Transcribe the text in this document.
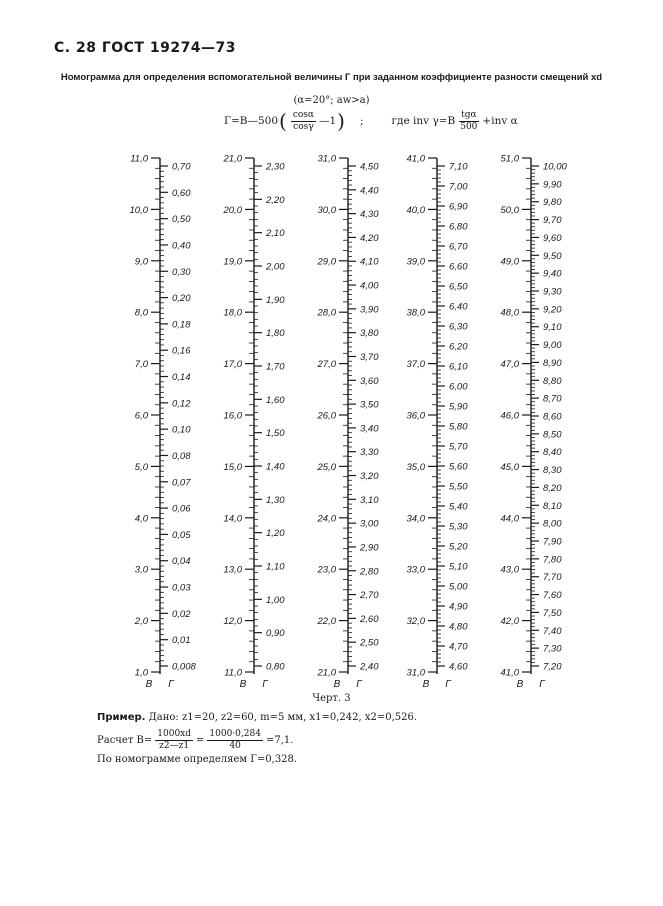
С. 28 ГОСТ 19274—73
Номограмма для определения вспомогательной величины Г при заданном коэффициенте разности смещений xd
(α=20°; aw>a)
Г=B—500 ( $\frac{\cos\alpha}{\cos\gamma}$ —1 ) ;	где inv $\gamma=B \frac{\text{tgα}}{500} +inv$ α
11,0
10,0
9,0
8,0
7,0
6,0
5,0
4,0
3,0
2,0
1,0
0,70
0,60
0,50
0,40
0,30
0,20
0,18
0,16
0,14
0,12
0,10
0,08
0,07
0,06
0,05
0,04
0,03
0,02
0,01
0,008
B Г
21,0
20,0
19,0
18,0
17,0
16,0
15,0
14,0
13,0
12,0
11,0
2,30
2,20
2,10
2,00
1,90
1,80
1,70
1,60
1,50
1,40
1,30
1,20
1,10
1,00
0,90
0,80
B Г
31,0
30,0
29,0
28,0
27,0
26,0
25,0
24,0
23,0
22,0
21,0
4,50
4,40
4,30
4,20
4,10
4,00
3,90
3,80
3,70
3,60
3,50
3,40
3,30
3,20
3,10
3,00
2,90
2,80
2,70
2,60
2,50
2,40
B Г
41,0
40,0
39,0
38,0
37,0
36,0
35,0
34,0
33,0
32,0
31,0
7,10
7,00
6,90
6,80
6,70
6,60
6,50
6,40
6,30
6,20
6,10
6,00
5,90
5,80
5,70
5,60
5,50
5,40
5,30
5,20
5,10
5,00
4,90
4,80
4,70
4,60
B Г
51,0
50,0
49,0
48,0
47,0
46,0
45,0
44,0
43,0
42,0
41,0
10,00
9,90
9,80
9,70
9,60
9,50
9,40
9,30
9,20
9,10
9,00
8,90
8,80
8,70
8,60
8,50
8,40
8,30
8,20
8,10
8,00
7,90
7,80
7,70
7,60
7,50
7,40
7,30
7,20
B Г
Черт. 3
Пример. Дано: z1=20, z2=60, m=5 мм, x1=0,242, x2=0,526.
Расчет $B= \frac{1000xd}{z2—z1} = \frac{1000\cdot 0,284}{40} =7,1$.
По номограмме определяем Г=0,328.
